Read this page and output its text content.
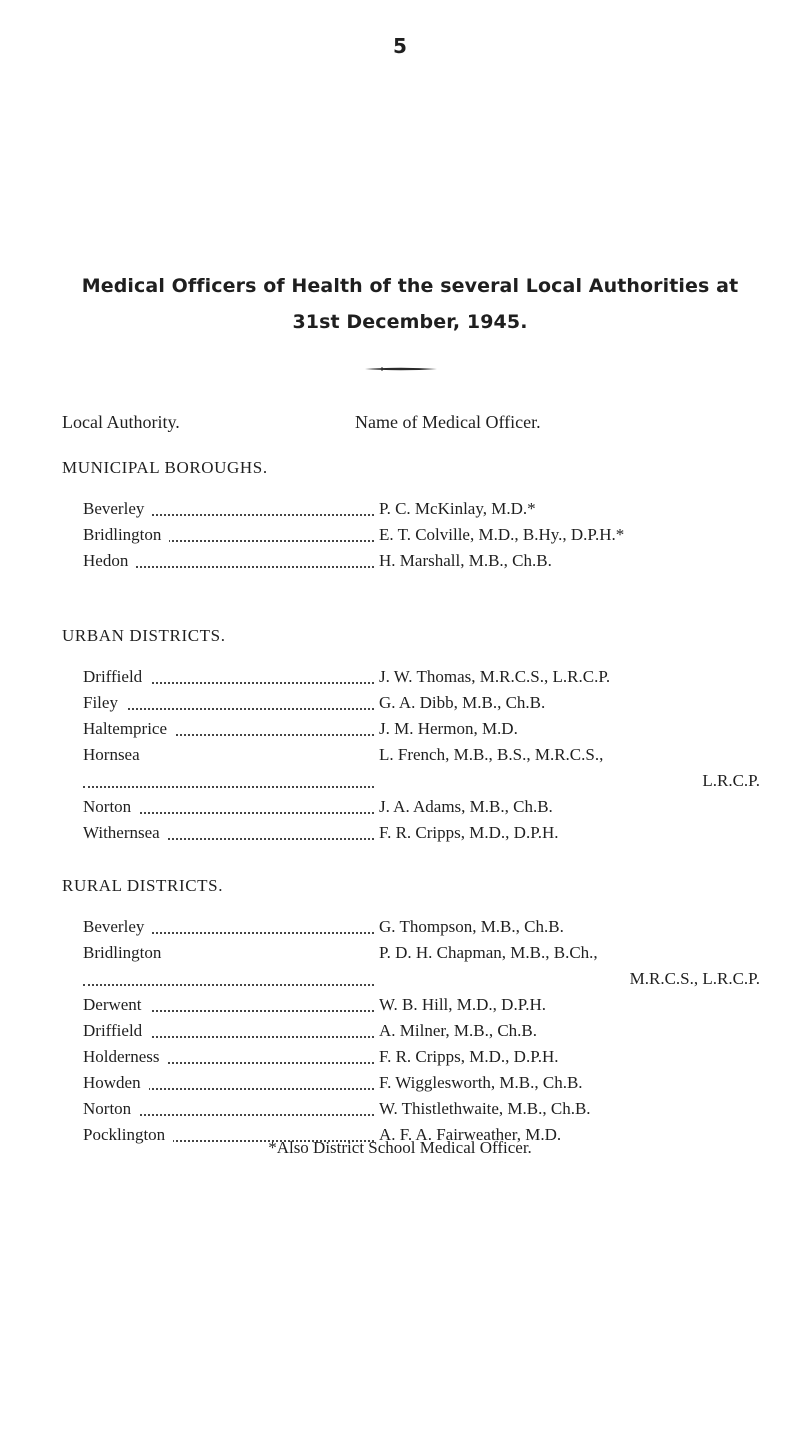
5
Medical Officers of Health of the several Local Authorities at
31st December, 1945.
Local Authority.	Name of Medical Officer.
MUNICIPAL BOROUGHS.
Beverley	P. C. McKinlay, M.D.*
Bridlington	E. T. Colville, M.D., B.Hy., D.P.H.*
Hedon	H. Marshall, M.B., Ch.B.
URBAN DISTRICTS.
Driffield	J. W. Thomas, M.R.C.S., L.R.C.P.
Filey	G. A. Dibb, M.B., Ch.B.
Haltemprice	J. M. Hermon, M.D.
Hornsea	L. French, M.B., B.S., M.R.C.S.,
L.R.C.P.
Norton	J. A. Adams, M.B., Ch.B.
Withernsea	F. R. Cripps, M.D., D.P.H.
RURAL DISTRICTS.
Beverley	G. Thompson, M.B., Ch.B.
Bridlington	P. D. H. Chapman, M.B., B.Ch.,
M.R.C.S., L.R.C.P.
Derwent	W. B. Hill, M.D., D.P.H.
Driffield	A. Milner, M.B., Ch.B.
Holderness	F. R. Cripps, M.D., D.P.H.
Howden	F. Wigglesworth, M.B., Ch.B.
Norton	W. Thistlethwaite, M.B., Ch.B.
Pocklington	A. F. A. Fairweather, M.D.
*Also District School Medical Officer.
